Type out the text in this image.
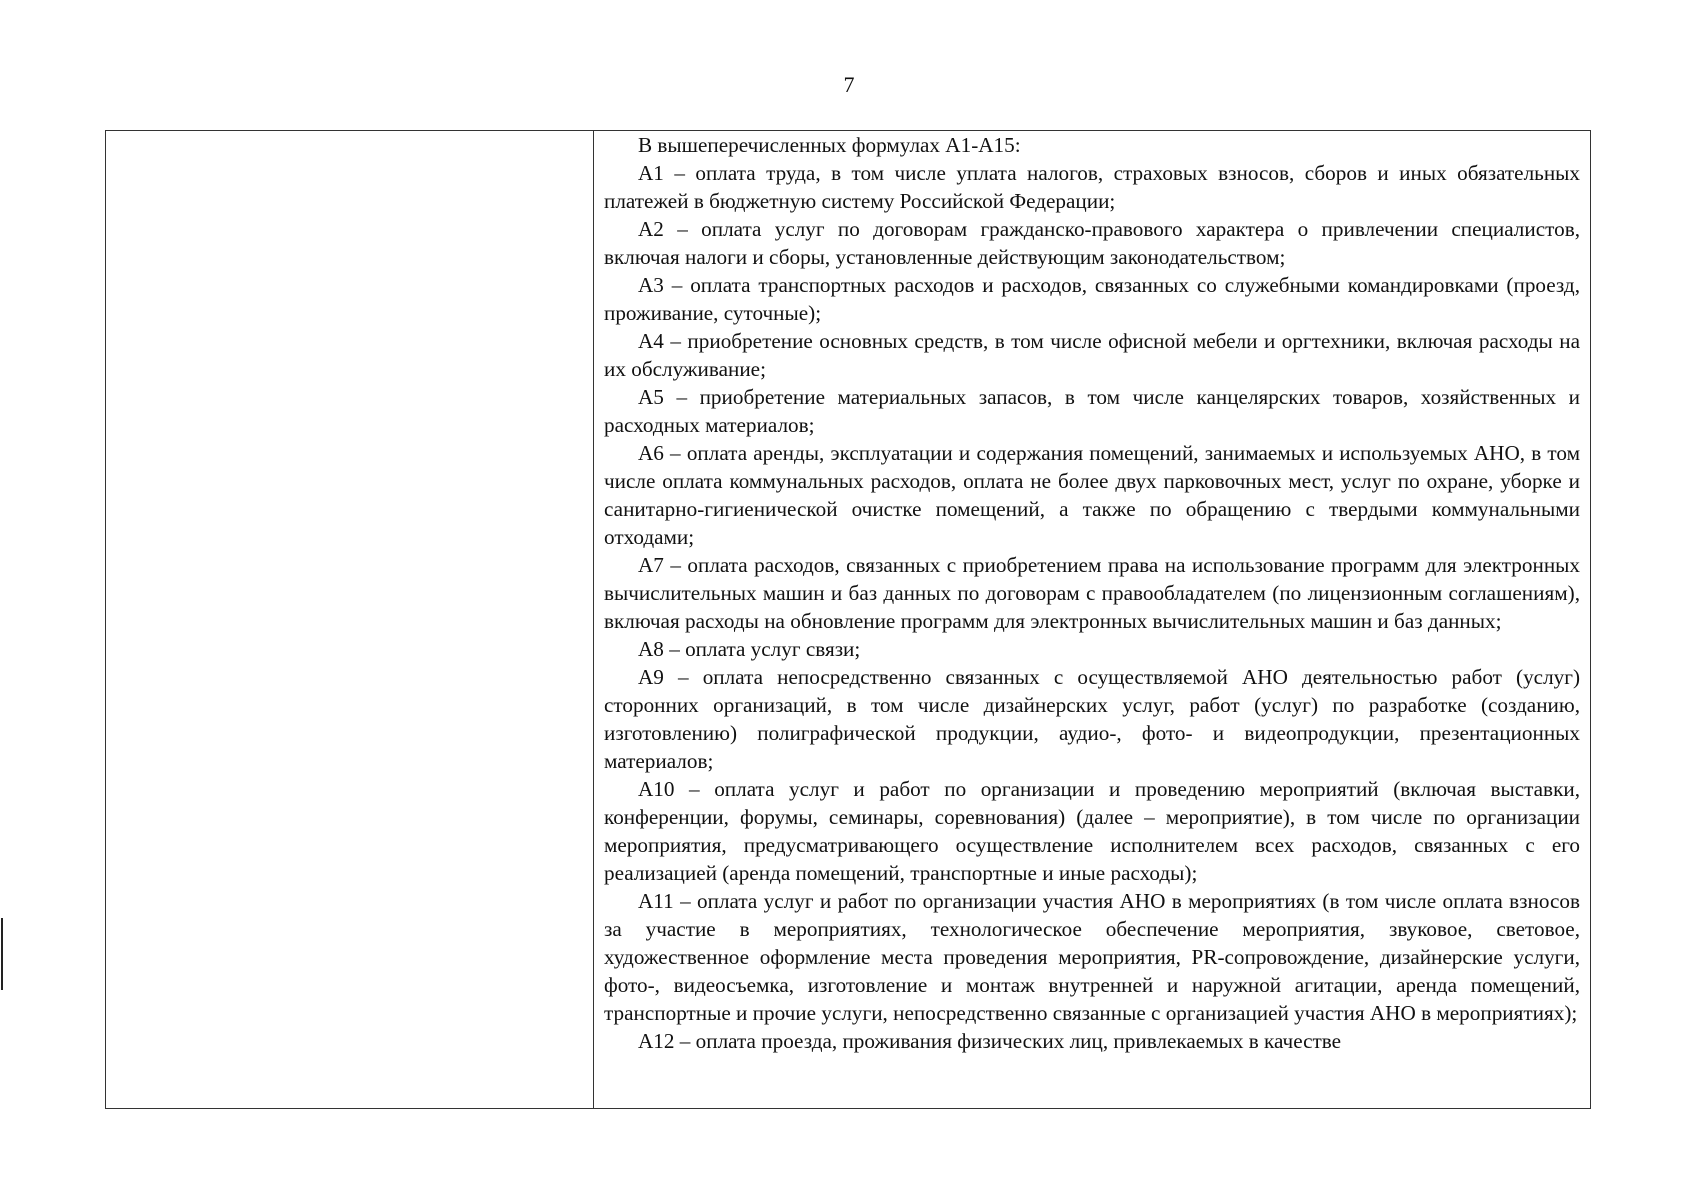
7

В вышеперечисленных формулах А1-А15:

А1 – оплата труда, в том числе уплата налогов, страховых взносов, сборов и иных обязательных платежей в бюджетную систему Российской Федерации;

А2 – оплата услуг по договорам гражданско-правового характера о привлечении специалистов, включая налоги и сборы, установленные действующим законодательством;

А3 – оплата транспортных расходов и расходов, связанных со служебными командировками (проезд, проживание, суточные);

А4 – приобретение основных средств, в том числе офисной мебели и оргтехники, включая расходы на их обслуживание;

А5 – приобретение материальных запасов, в том числе канцелярских товаров, хозяйственных и расходных материалов;

А6 – оплата аренды, эксплуатации и содержания помещений, занимаемых и используемых АНО, в том числе оплата коммунальных расходов, оплата не более двух парковочных мест, услуг по охране, уборке и санитарно-гигиенической очистке помещений, а также по обращению с твердыми коммунальными отходами;

А7 – оплата расходов, связанных с приобретением права на использование программ для электронных вычислительных машин и баз данных по договорам с правообладателем (по лицензионным соглашениям), включая расходы на обновление программ для электронных вычислительных машин и баз данных;

А8 – оплата услуг связи;

А9 – оплата непосредственно связанных с осуществляемой АНО деятельностью работ (услуг) сторонних организаций, в том числе дизайнерских услуг, работ (услуг) по разработке (созданию, изготовлению) полиграфической продукции, аудио-, фото- и видеопродукции, презентационных материалов;

А10 – оплата услуг и работ по организации и проведению мероприятий (включая выставки, конференции, форумы, семинары, соревнования) (далее – мероприятие), в том числе по организации мероприятия, предусматривающего осуществление исполнителем всех расходов, связанных с его реализацией (аренда помещений, транспортные и иные расходы);

А11 – оплата услуг и работ по организации участия АНО в мероприятиях (в том числе оплата взносов за участие в мероприятиях, технологическое обеспечение мероприятия, звуковое, световое, художественное оформление места проведения мероприятия, PR-сопровождение, дизайнерские услуги, фото-, видеосъемка, изготовление и монтаж внутренней и наружной агитации, аренда помещений, транспортные и прочие услуги, непосредственно связанные с организацией участия АНО в мероприятиях);

А12 – оплата проезда, проживания физических лиц, привлекаемых в качестве
